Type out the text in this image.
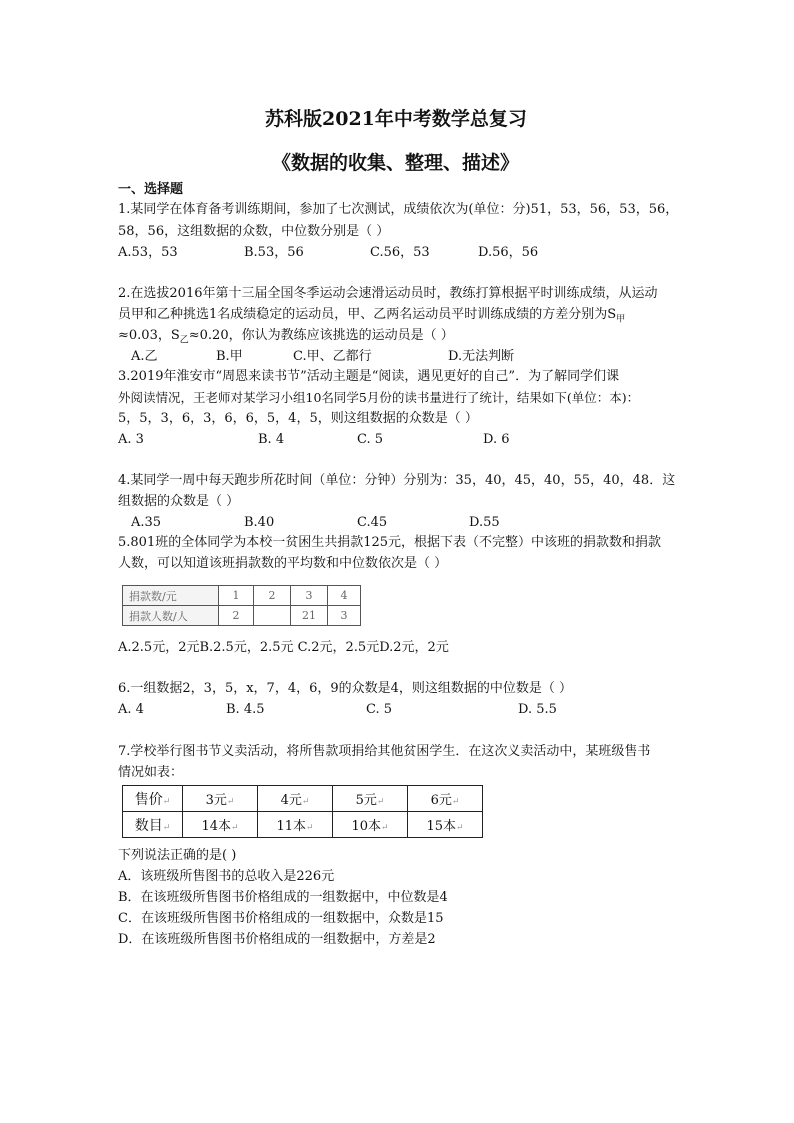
苏科版2021年中考数学总复习
《数据的收集、整理、描述》
一、选择题
1.某同学在体育备考训练期间，参加了七次测试，成绩依次为(单位：分)51，53，56，53，56，
58，56，这组数据的众数，中位数分别是（ ）
A.53，53	B.53，56	C.56，53	D.56，56
2.在选拔2016年第十三届全国冬季运动会速滑运动员时，教练打算根据平时训练成绩，从运动
员甲和乙种挑选1名成绩稳定的运动员，甲、乙两名运动员平时训练成绩的方差分别为$S_甲$
≈0.03，$S_乙\approx 0.20$，你认为教练应该挑选的运动员是（ ）
A.乙	B.甲	C.甲、乙都行	D.无法判断
3.2019年淮安市“周恩来读书节”活动主题是“阅读，遇见更好的自己”．为了解同学们课
外阅读情况，王老师对某学习小组10名同学5月份的读书量进行了统计，结果如下(单位：本)：
5，5，3，6，3，6，6，5，4，5，则这组数据的众数是（ ）
A. 3	B. 4	C. 5	D. 6
4.某同学一周中每天跑步所花时间（单位：分钟）分别为：35，40，45，40，55，40，48．这
组数据的众数是（ ）
A.35	B.40	C.45	D.55
5.801班的全体同学为本校一贫困生共捐款125元，根据下表（不完整）中该班的捐款数和捐款
人数，可以知道该班捐款数的平均数和中位数依次是（ ）
捐款数/元	1	2	3	4
捐款人数/人	2		21	3
A.2.5元，2元B.2.5元，2.5元 C.2元，2.5元D.2元，2元
6.一组数据2，3，5，x，7，4，6，9的众数是4，则这组数据的中位数是（ ）
A. 4	B. 4.5	C. 5	D. 5.5
7.学校举行图书节义卖活动，将所售款项捐给其他贫困学生．在这次义卖活动中，某班级售书
情况如表：
售价↵	3元↵	4元↵	5元↵	6元↵
数目↵	14本↵	11本↵	10本↵	15本↵
下列说法正确的是( )
A．该班级所售图书的总收入是226元
B．在该班级所售图书价格组成的一组数据中，中位数是4
C．在该班级所售图书价格组成的一组数据中，众数是15
D．在该班级所售图书价格组成的一组数据中，方差是2
